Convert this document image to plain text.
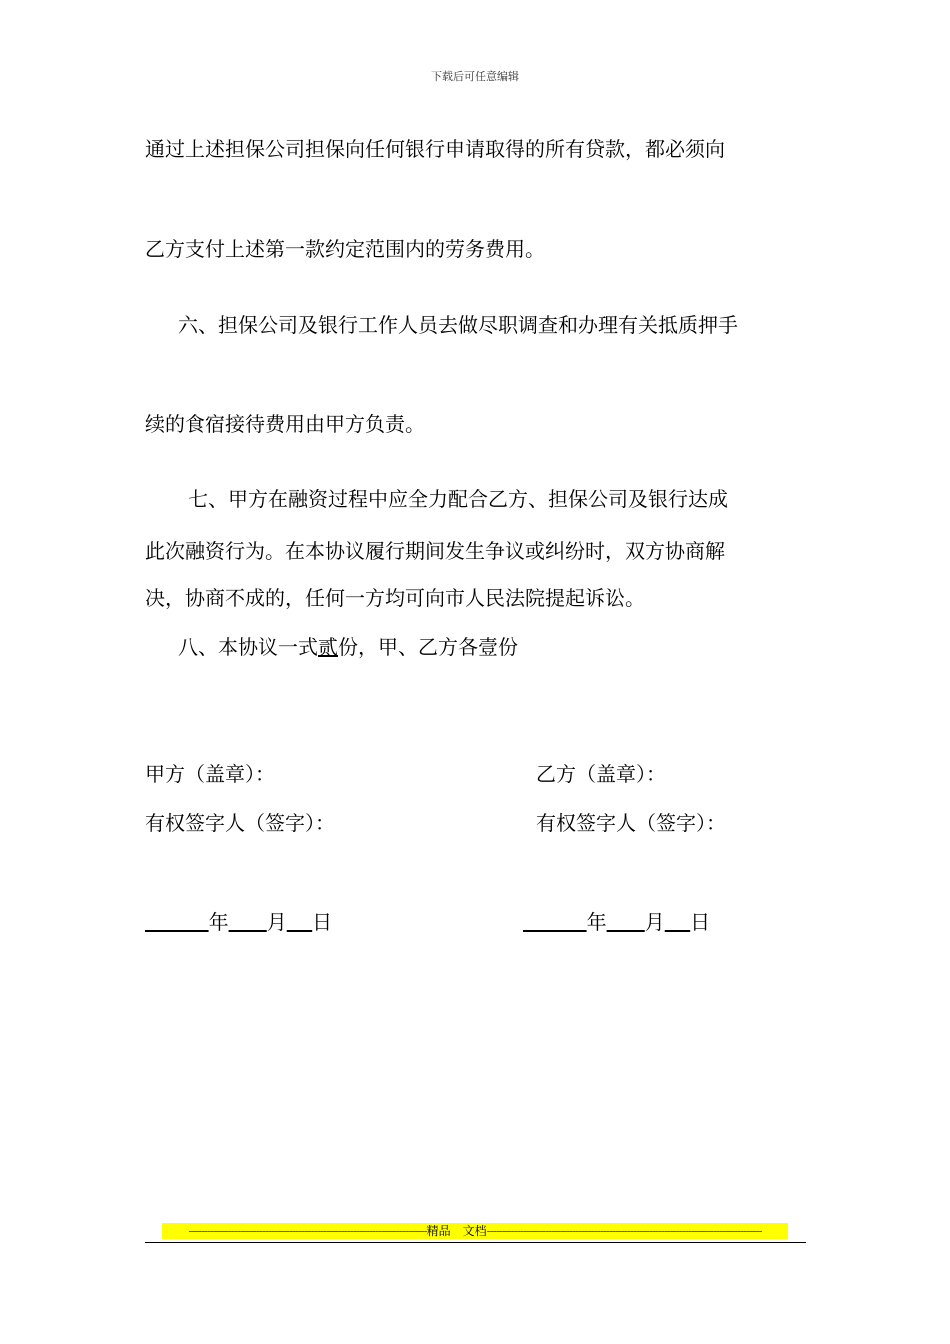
下载后可任意编辑
通过上述担保公司担保向任何银行申请取得的所有贷款，都必须向
乙方支付上述第一款约定范围内的劳务费用。
六、担保公司及银行工作人员去做尽职调查和办理有关抵质押手
续的食宿接待费用由甲方负责。
七、甲方在融资过程中应全力配合乙方、担保公司及银行达成
此次融资行为。在本协议履行期间发生争议或纠纷时，双方协商解
决，协商不成的，任何一方均可向市人民法院提起诉讼。
八、本协议一式贰份，甲、乙方各壹份
甲方（盖章）：	乙方（盖章）：
有权签字人（签字）：	有权签字人（签字）：
年 月 日	年 月 日
------------------------------------------------------------------------------精品　文档------------------------------------------------------------------------------------------
